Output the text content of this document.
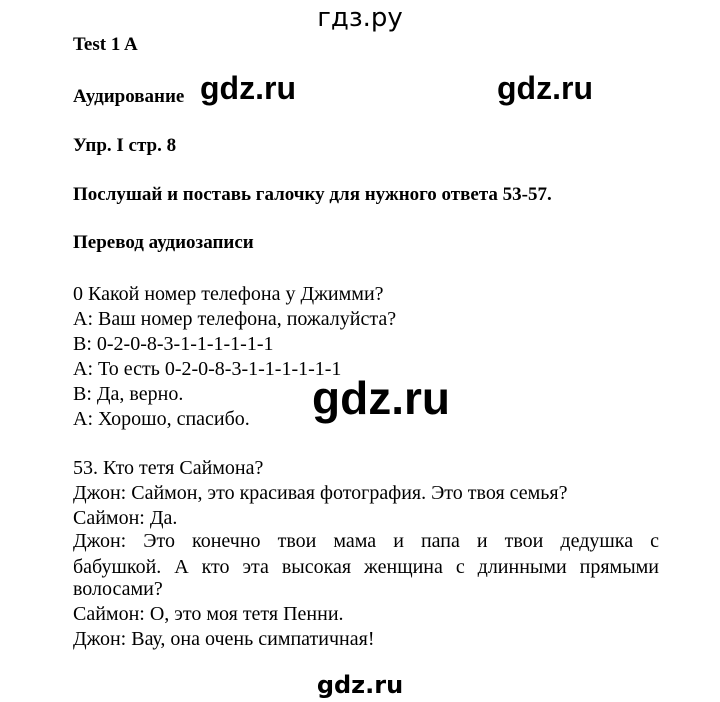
гдз.ру
Test 1 A
Аудирование
Упр. I стр. 8
Послушай и поставь галочку для нужного ответа 53-57.
Перевод аудиозаписи
0 Какой номер телефона у Джимми?
А: Ваш номер телефона, пожалуйста?
В: 0-2-0-8-3-1-1-1-1-1-1
А: То есть 0-2-0-8-3-1-1-1-1-1-1
В: Да, верно.
А: Хорошо, спасибо.
53. Кто тетя Саймона?
Джон: Саймон, это красивая фотография. Это твоя семья?
Саймон: Да.
Джон: Это конечно твои мама и папа и твои дедушка с
бабушкой. А кто эта высокая женщина с длинными прямыми
волосами?
Саймон: О, это моя тетя Пенни.
Джон: Вау, она очень симпатичная!
gdz.ru	gdz.ru
gdz.ru
gdz.ru
